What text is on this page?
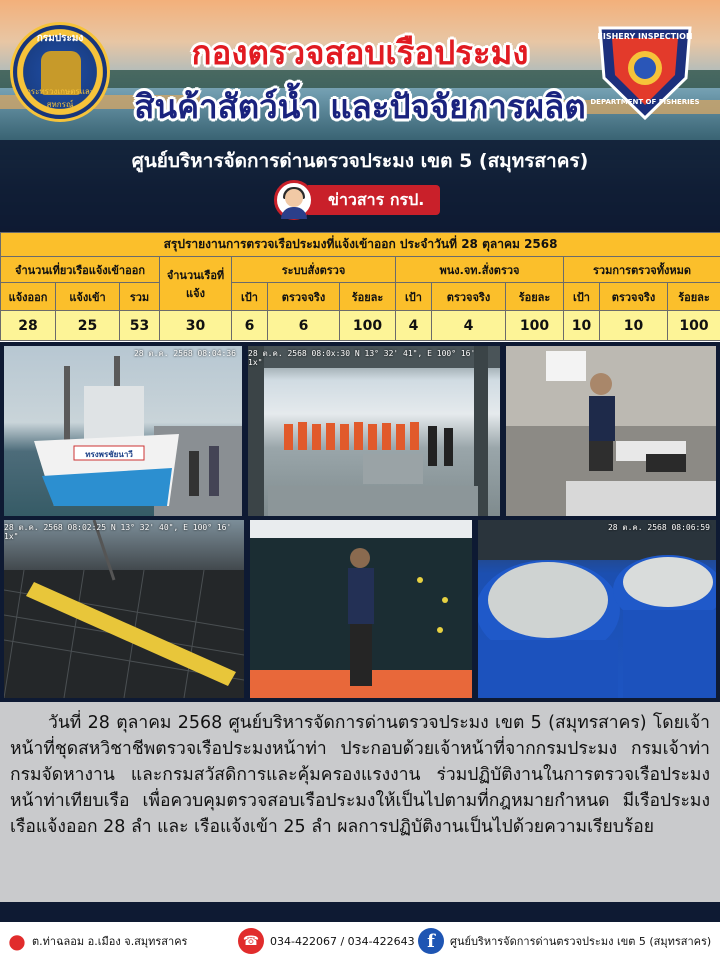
กรมประมง
กระทรวงเกษตรและสหกรณ์
FISHERY INSPECTION
DEPARTMENT OF FISHERIES
กองตรวจสอบเรือประมง
สินค้าสัตว์น้ำ และปัจจัยการผลิต
ศูนย์บริหารจัดการด่านตรวจประมง เขต 5 (สมุทรสาคร)
ข่าวสาร กรป.
สรุปรายงานการตรวจเรือประมงที่แจ้งเข้าออก ประจำวันที่ 28 ตุลาคม 2568												
จำนวนเที่ยวเรือแจ้งเข้าออก			จำนวนเรือที่แจ้ง	ระบบสั่งตรวจ			พนง.จท.สั่งตรวจ			รวมการตรวจทั้งหมด		
แจ้งออก	แจ้งเข้า	รวม		เป้า	ตรวจจริง	ร้อยละ	เป้า	ตรวจจริง	ร้อยละ	เป้า	ตรวจจริง	ร้อยละ
28	25	53	30	6	6	100	4	4	100	10	10	100
ทรงพรชัยนาวี
28 ต.ค. 2568 08:04:36 28 ต.ค. 2568 08:0x:30 N 13° 32' 41", E 100° 16' 1x"
28 ต.ค. 2568 08:02:25 N 13° 32' 40", E 100° 16' 1x"
28 ต.ค. 2568 08:06:59

วันที่ 28 ตุลาคม 2568 ศูนย์บริหารจัดการด่านตรวจประมง เขต 5 (สมุทรสาคร) โดยเจ้าหน้าที่ชุดสหวิชาชีพตรวจเรือประมงหน้าท่า ประกอบด้วยเจ้าหน้าที่จากกรมประมง กรมเจ้าท่า กรมจัดหางาน และกรมสวัสดิการและคุ้มครองแรงงาน ร่วมปฏิบัติงานในการตรวจเรือประมงหน้าท่าเทียบเรือ เพื่อควบคุมตรวจสอบเรือประมงให้เป็นไปตามที่กฎหมายกำหนด มีเรือประมง เรือแจ้งออก 28 ลำ และ เรือแจ้งเข้า 25 ลำ ผลการปฏิบัติงานเป็นไปด้วยความเรียบร้อย

● ต.ท่าฉลอม อ.เมือง จ.สมุทรสาคร	☎ 034-422067 / 034-422643 f	ศูนย์บริหารจัดการด่านตรวจประมง เขต 5 (สมุทรสาคร)
